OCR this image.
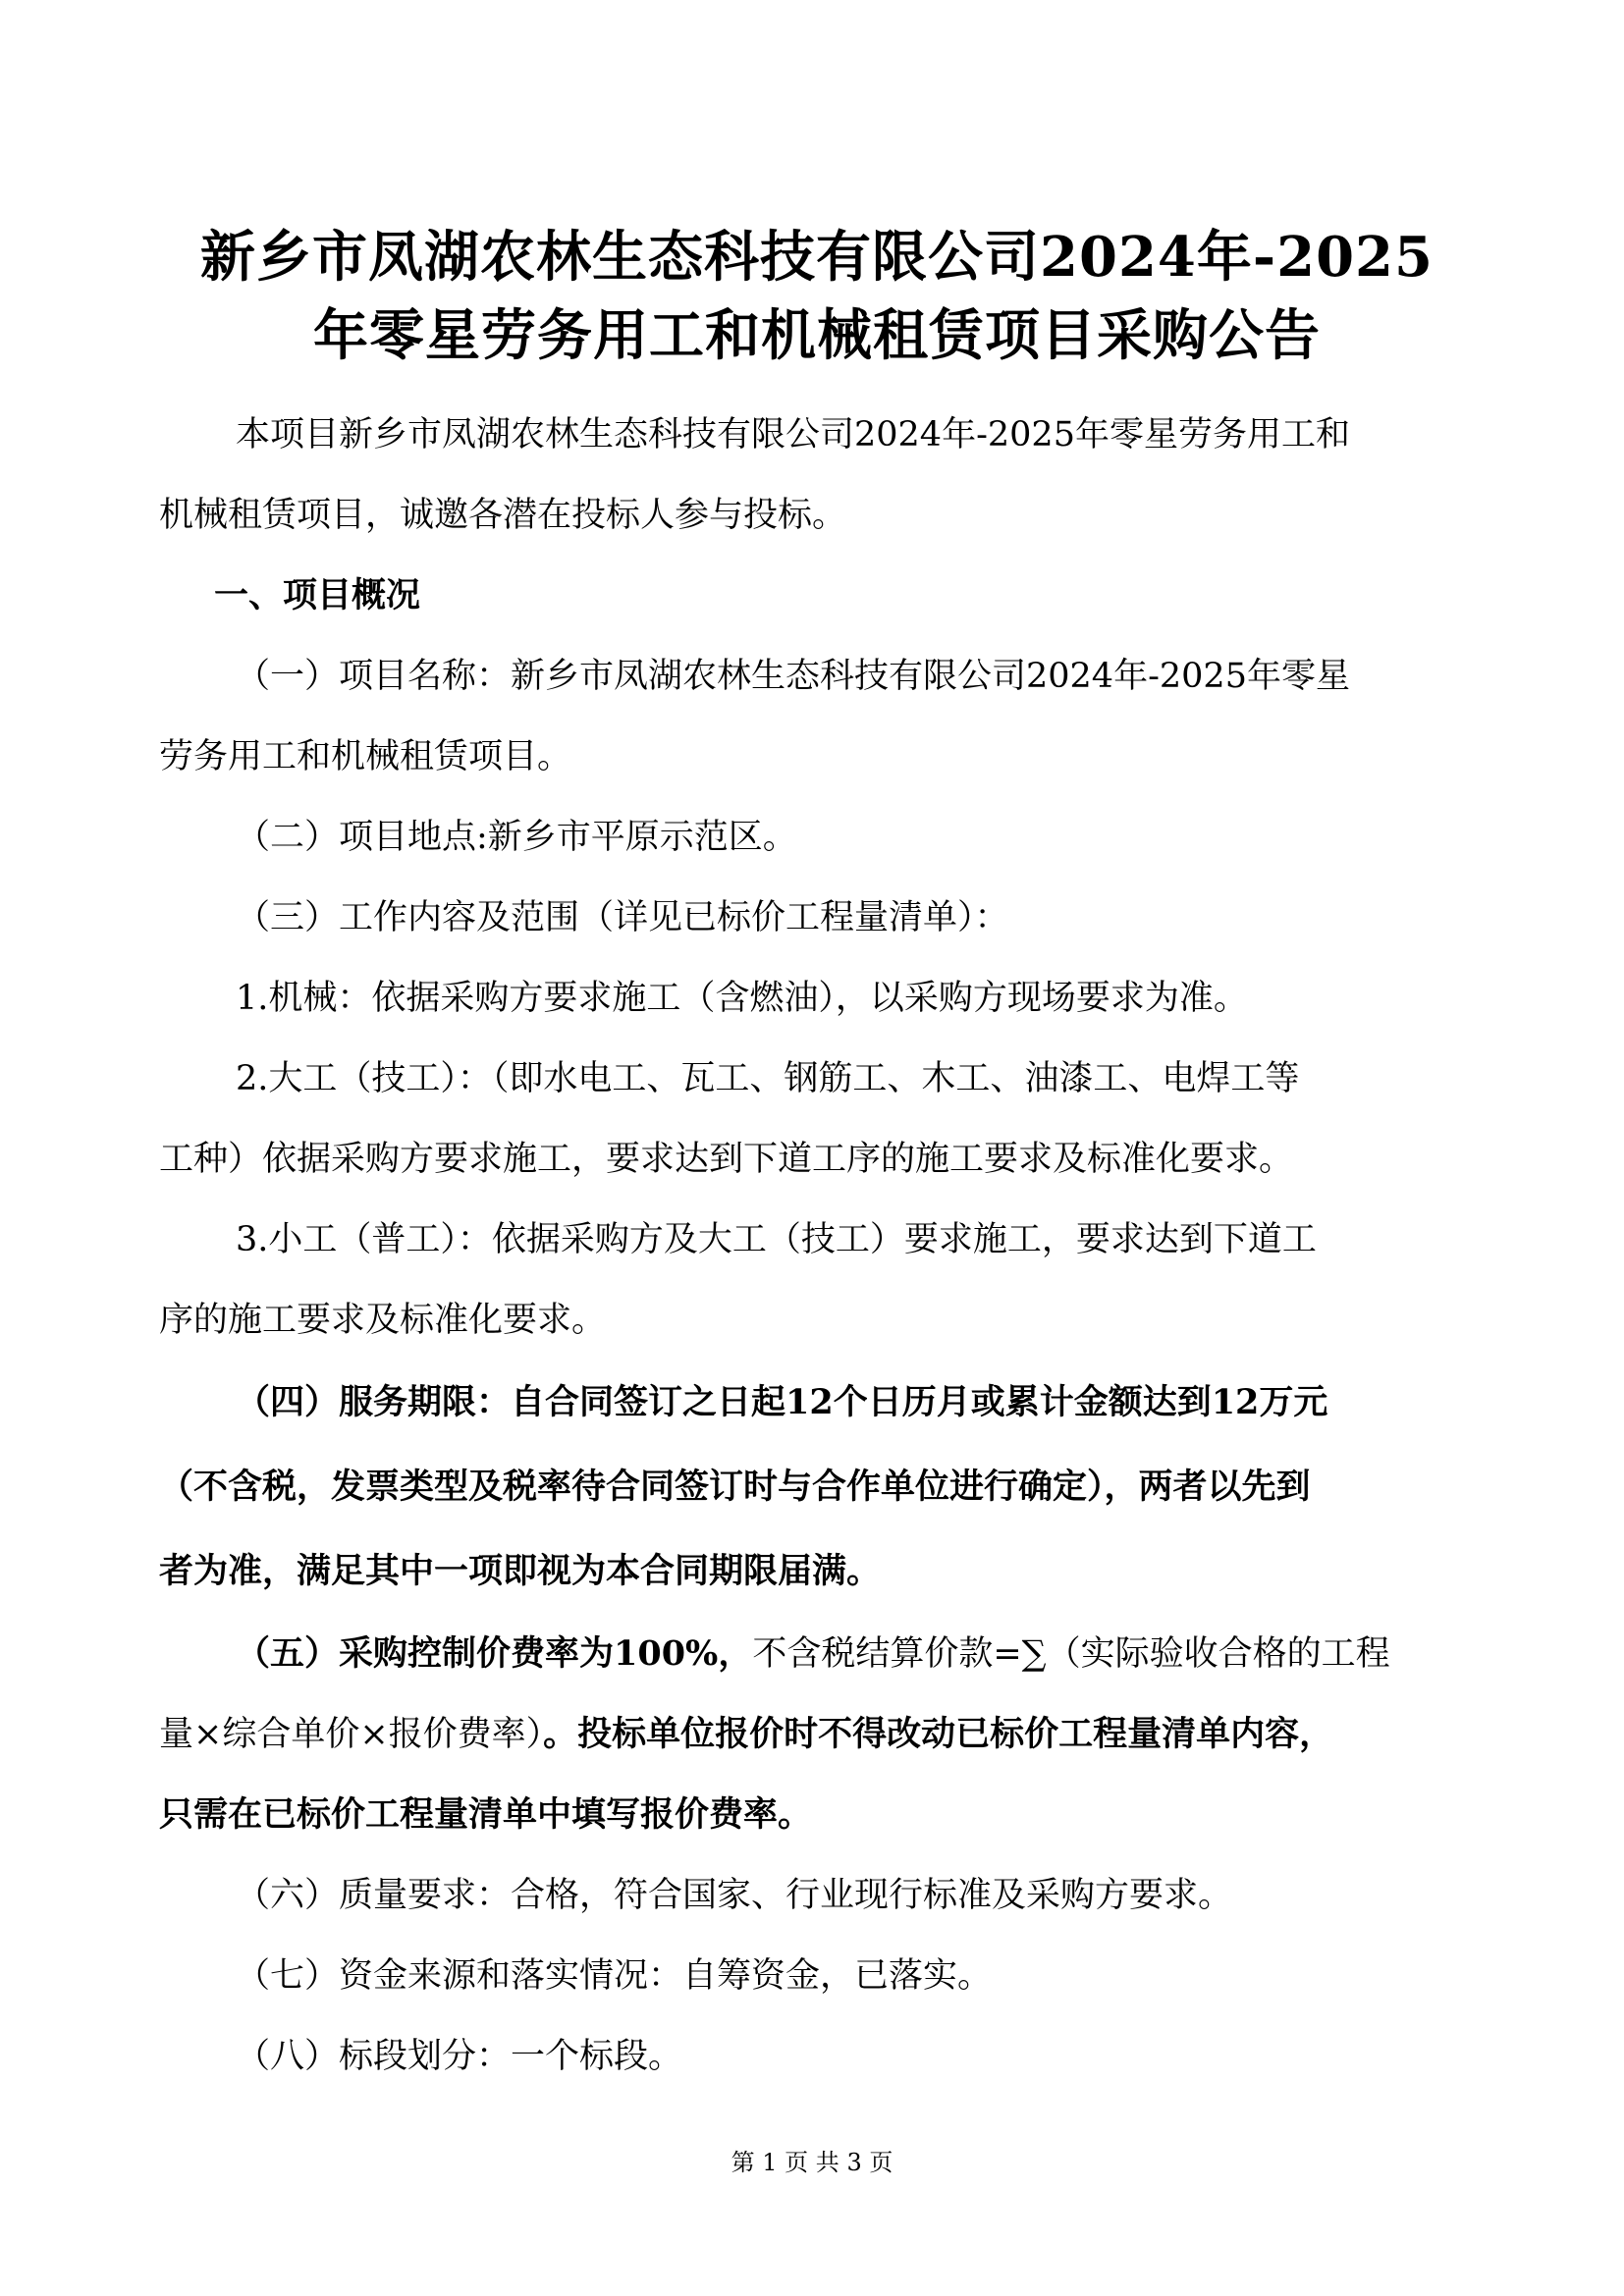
新乡市凤湖农林生态科技有限公司2024年-2025
年零星劳务用工和机械租赁项目采购公告
本项目新乡市凤湖农林生态科技有限公司2024年-2025年零星劳务用工和
机械租赁项目，诚邀各潜在投标人参与投标。
一、项目概况
（一）项目名称：新乡市凤湖农林生态科技有限公司2024年-2025年零星
劳务用工和机械租赁项目。
（二）项目地点:新乡市平原示范区。
（三）工作内容及范围（详见已标价工程量清单）：
1.机械：依据采购方要求施工（含燃油），以采购方现场要求为准。
2.大工（技工）：（即水电工、瓦工、钢筋工、木工、油漆工、电焊工等
工种）依据采购方要求施工，要求达到下道工序的施工要求及标准化要求。
3.小工（普工）：依据采购方及大工（技工）要求施工，要求达到下道工
序的施工要求及标准化要求。
（四）服务期限：自合同签订之日起12个日历月或累计金额达到12万元
（不含税，发票类型及税率待合同签订时与合作单位进行确定），两者以先到
者为准，满足其中一项即视为本合同期限届满。
（五）采购控制价费率为100%，不含税结算价款=∑（实际验收合格的工程
量×综合单价×报价费率）。投标单位报价时不得改动已标价工程量清单内容，
只需在已标价工程量清单中填写报价费率。
（六）质量要求：合格，符合国家、行业现行标准及采购方要求。
（七）资金来源和落实情况：自筹资金，已落实。
（八）标段划分：一个标段。
第 1 页 共 3 页
